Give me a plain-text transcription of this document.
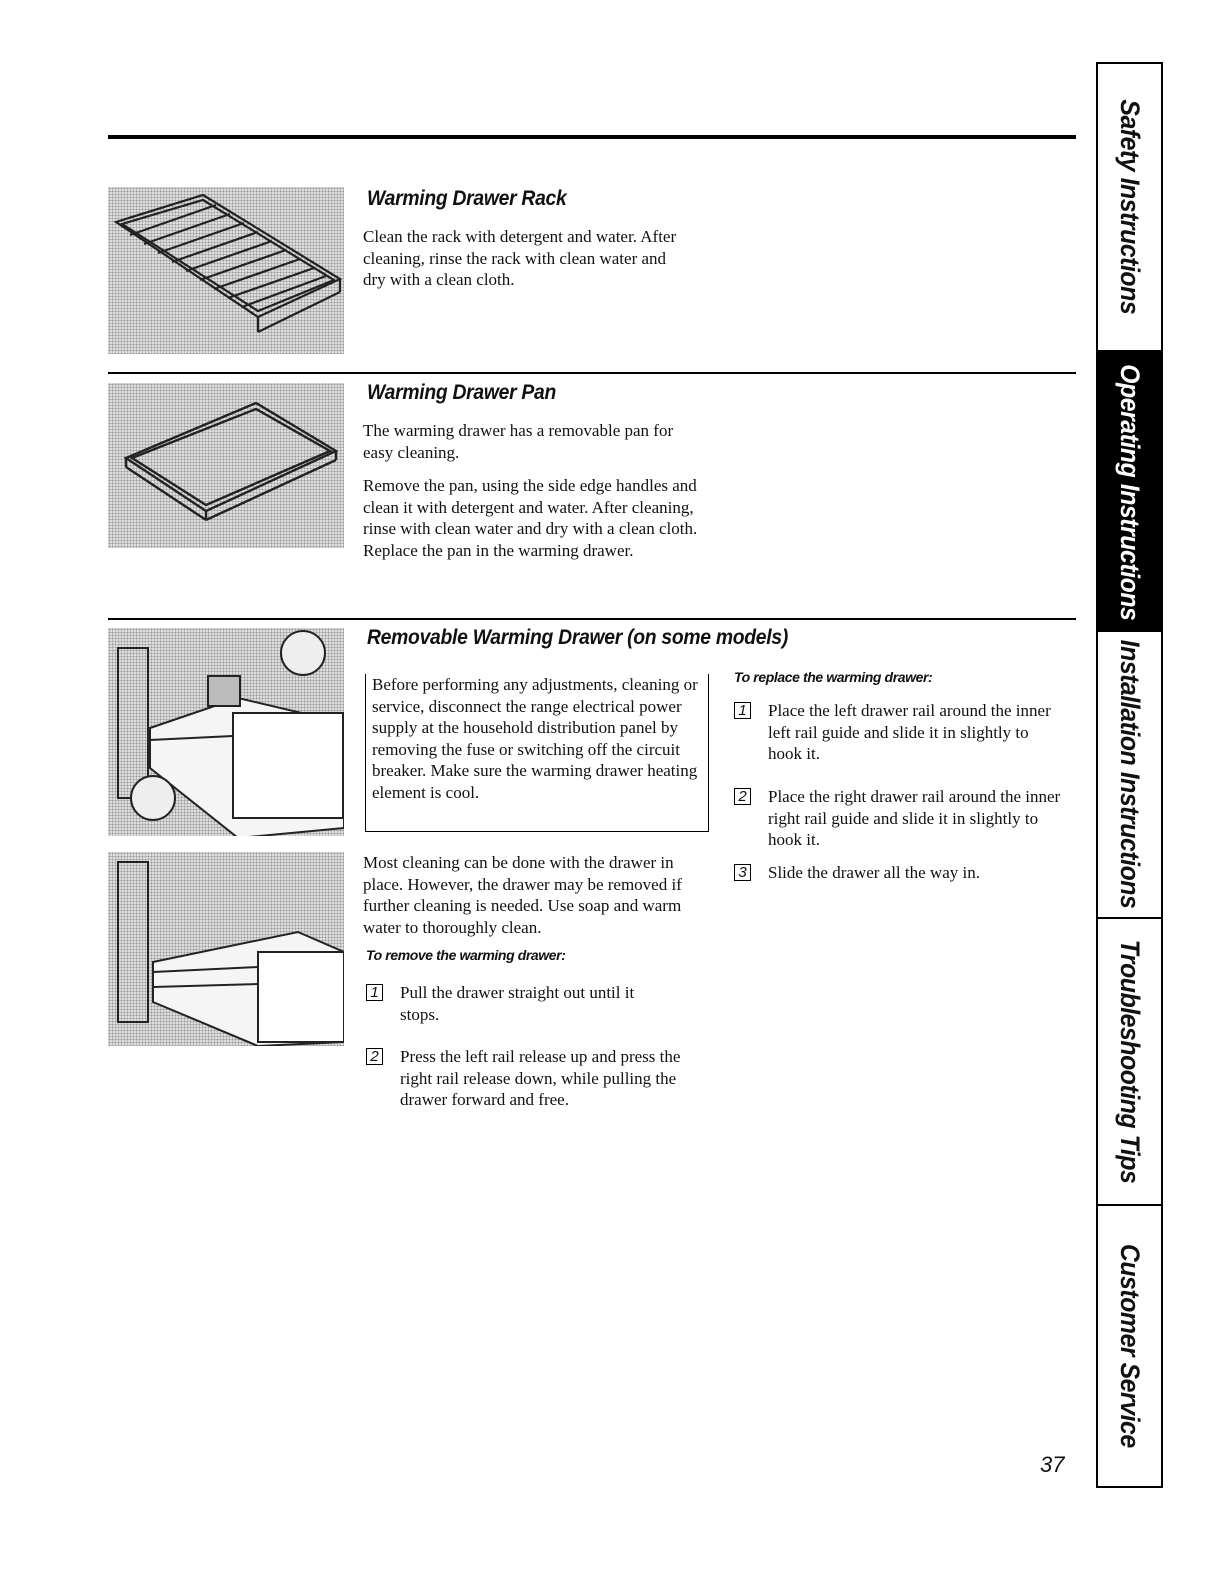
Warming Drawer Rack

Clean the rack with detergent and water. After cleaning, rinse the rack with clean water and dry with a clean cloth.

Warming Drawer Pan

The warming drawer has a removable pan for easy cleaning.

Remove the pan, using the side edge handles and clean it with detergent and water. After cleaning, rinse with clean water and dry with a clean cloth. Replace the pan in the warming drawer.

Removable Warming Drawer (on some models)
Before performing any adjustments, cleaning or service, disconnect the range electrical power supply at the household distribution panel by removing the fuse or switching off the circuit breaker. Make sure the warming drawer heating element is cool.

Most cleaning can be done with the drawer in place. However, the drawer may be removed if further cleaning is needed. Use soap and warm water to thoroughly clean.

To remove the warming drawer:
1 Pull the drawer straight out until it stops.
2 Press the left rail release up and press the right rail release down, while pulling the drawer forward and free.
To replace the warming drawer:
1 Place the left drawer rail around the inner left rail guide and slide it in slightly to hook it.
2 Place the right drawer rail around the inner right rail guide and slide it in slightly to hook it.
3 Slide the drawer all the way in.
Safety Instructions
Operating Instructions
Installation Instructions
Troubleshooting Tips
Customer Service
37
